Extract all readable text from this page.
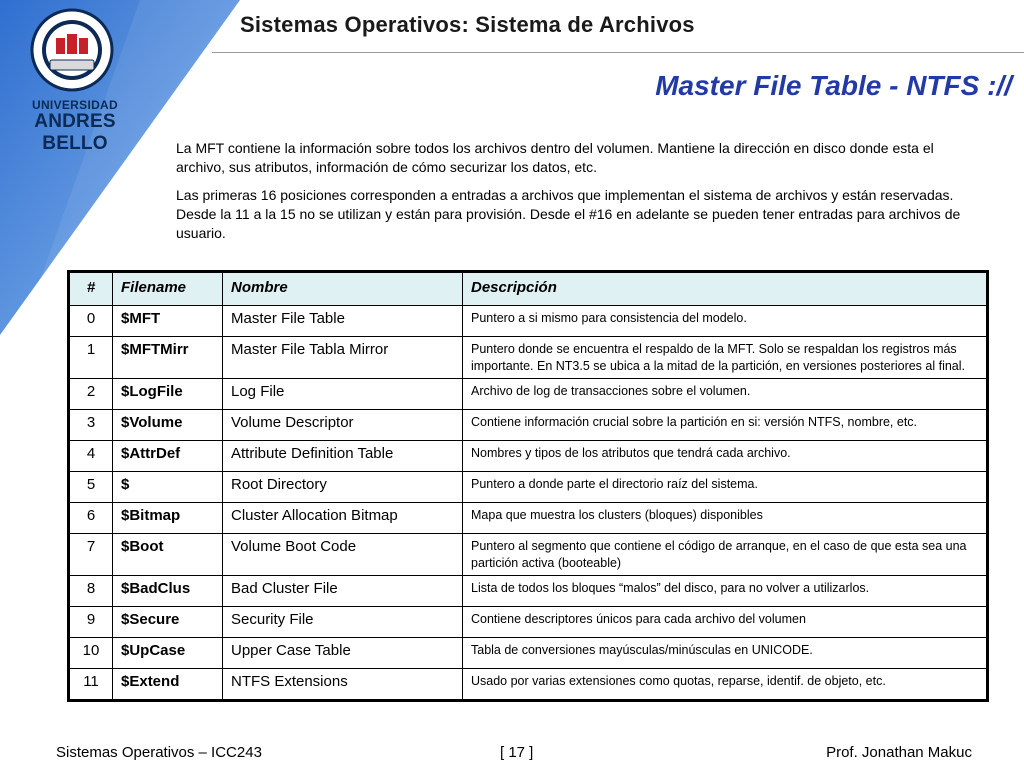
Sistemas Operativos: Sistema de Archivos
UNIVERSIDAD
ANDRES BELLO
Master File Table - NTFS ://

La MFT contiene la información sobre todos los archivos dentro del volumen. Mantiene la dirección en disco donde esta el archivo, sus atributos, información de cómo securizar los datos, etc.

Las primeras 16 posiciones corresponden a entradas a archivos que implementan el sistema de archivos y están reservadas. Desde la 11 a la 15 no se utilizan y están para provisión. Desde el #16 en adelante se pueden tener entradas para archivos de usuario.

#	Filename	Nombre	Descripción
0	$MFT	Master File Table	Puntero a si mismo para consistencia del modelo.
1	$MFTMirr	Master File Tabla Mirror	Puntero donde se encuentra el respaldo de la MFT. Solo se respaldan los registros más importante. En NT3.5 se ubica a la mitad de la partición, en versiones posteriores al final.
2	$LogFile	Log File	Archivo de log de transacciones sobre el volumen.
3	$Volume	Volume Descriptor	Contiene información crucial sobre la partición en si: versión NTFS, nombre, etc.
4	$AttrDef	Attribute Definition Table	Nombres y tipos de los atributos que tendrá cada archivo.
5	$	Root Directory	Puntero a donde parte el directorio raíz del sistema.
6	$Bitmap	Cluster Allocation Bitmap	Mapa que muestra los clusters (bloques) disponibles
7	$Boot	Volume Boot Code	Puntero al segmento que contiene el código de arranque, en el caso de que esta sea una partición activa (booteable)
8	$BadClus	Bad Cluster File	Lista de todos los bloques “malos” del disco, para no volver a utilizarlos.
9	$Secure	Security File	Contiene descriptores únicos para cada archivo del volumen
10	$UpCase	Upper Case Table	Tabla de conversiones mayúsculas/minúsculas en UNICODE.
11	$Extend	NTFS Extensions	Usado por varias extensiones como quotas, reparse, identif. de objeto, etc.
Sistemas Operativos – ICC243	[ 17 ]	Prof. Jonathan Makuc
